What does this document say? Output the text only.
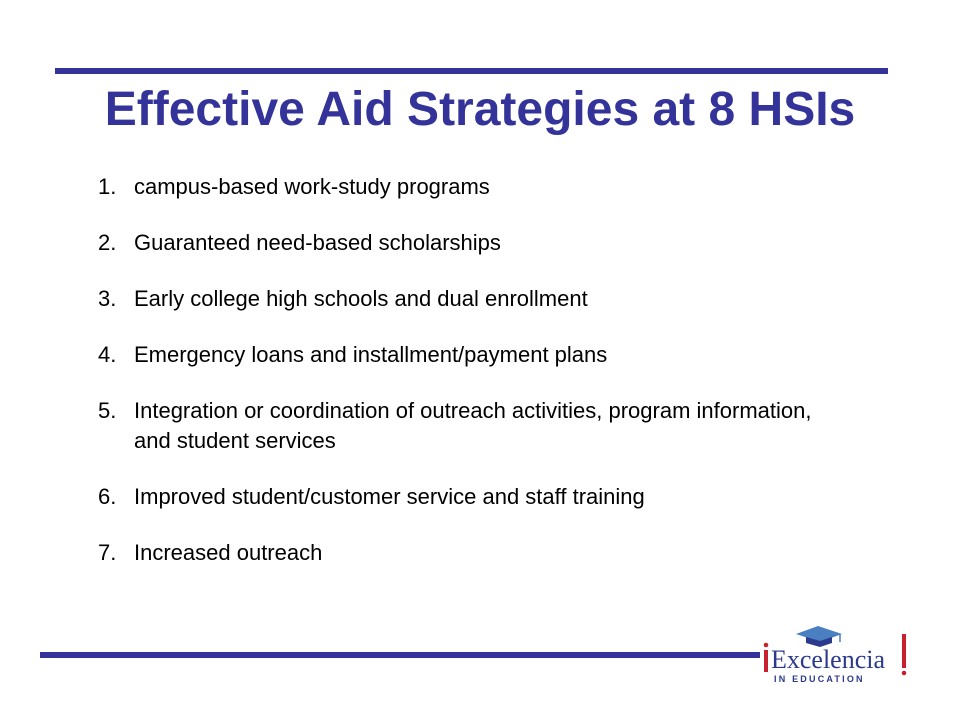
Effective Aid Strategies at 8 HSIs
1. campus-based work-study programs
2. Guaranteed need-based scholarships
3. Early college high schools and dual enrollment
4. Emergency loans and installment/payment plans
5. Integration or coordination of outreach activities, program information, and student services
6. Improved student/customer service and staff training
7. Increased outreach
Excelencia
IN EDUCATION
